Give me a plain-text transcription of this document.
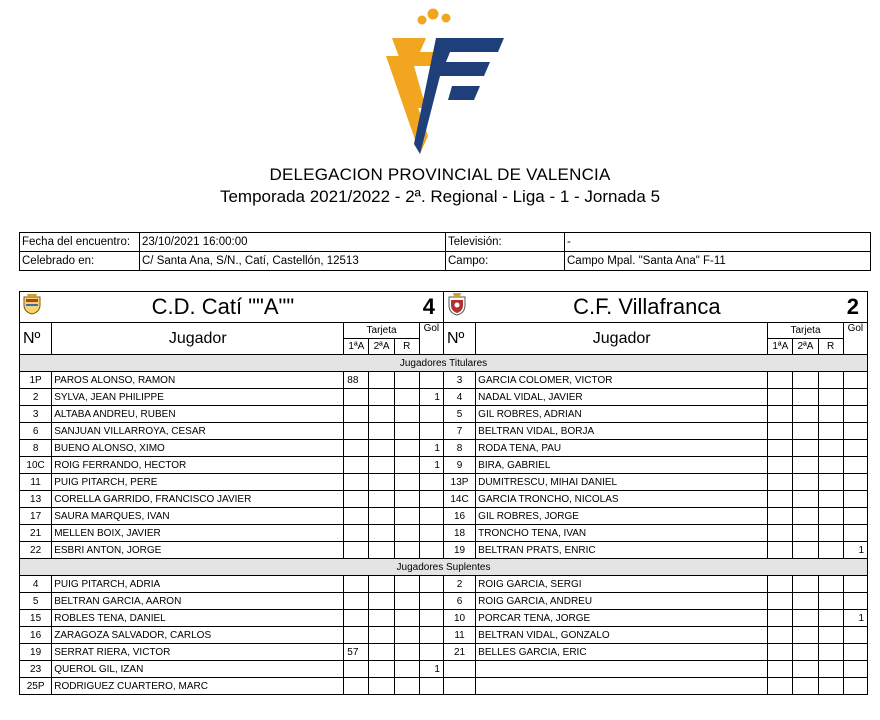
DELEGACION PROVINCIAL DE VALENCIA
Temporada 2021/2022 - 2ª. Regional - Liga - 1 - Jornada 5
Fecha del encuentro:	23/10/2021 16:00:00	Televisión:	-
Celebrado en:	C/ Santa Ana, S/N., Catí, Castellón, 12513	Campo:	Campo Mpal. "Santa Ana" F-11
	C.D. Catí ""A""			4			C.F. Villafranca			2	
Nº	Jugador	Tarjeta			Gol	Nº	Jugador	Tarjeta			Gol
		1ªA	2ªA	R				1ªA	2ªA	R	
Jugadores Titulares											
1P	PAROS ALONSO, RAMON	88				3	GARCIA COLOMER, VICTOR				
2	SYLVA, JEAN PHILIPPE				1	4	NADAL VIDAL, JAVIER				
3	ALTABA ANDREU, RUBEN					5	GIL ROBRES, ADRIAN				
6	SANJUAN VILLARROYA, CESAR					7	BELTRAN VIDAL, BORJA				
8	BUENO ALONSO, XIMO				1	8	RODA TENA, PAU				
10C	ROIG FERRANDO, HECTOR				1	9	BIRA, GABRIEL				
11	PUIG PITARCH, PERE					13P	DUMITRESCU, MIHAI DANIEL				
13	CORELLA GARRIDO, FRANCISCO JAVIER					14C	GARCIA TRONCHO, NICOLAS				
17	SAURA MARQUES, IVAN					16	GIL ROBRES, JORGE				
21	MELLEN BOIX, JAVIER					18	TRONCHO TENA, IVAN				
22	ESBRI ANTON, JORGE					19	BELTRAN PRATS, ENRIC				1
Jugadores Suplentes											
4	PUIG PITARCH, ADRIA					2	ROIG GARCIA, SERGI				
5	BELTRAN GARCIA, AARON					6	ROIG GARCIA, ANDREU				
15	ROBLES TENA, DANIEL					10	PORCAR TENA, JORGE				1
16	ZARAGOZA SALVADOR, CARLOS					11	BELTRAN VIDAL, GONZALO				
19	SERRAT RIERA, VICTOR	57				21	BELLES GARCIA, ERIC				
23	QUEROL GIL, IZAN				1						
25P	RODRIGUEZ CUARTERO, MARC										
